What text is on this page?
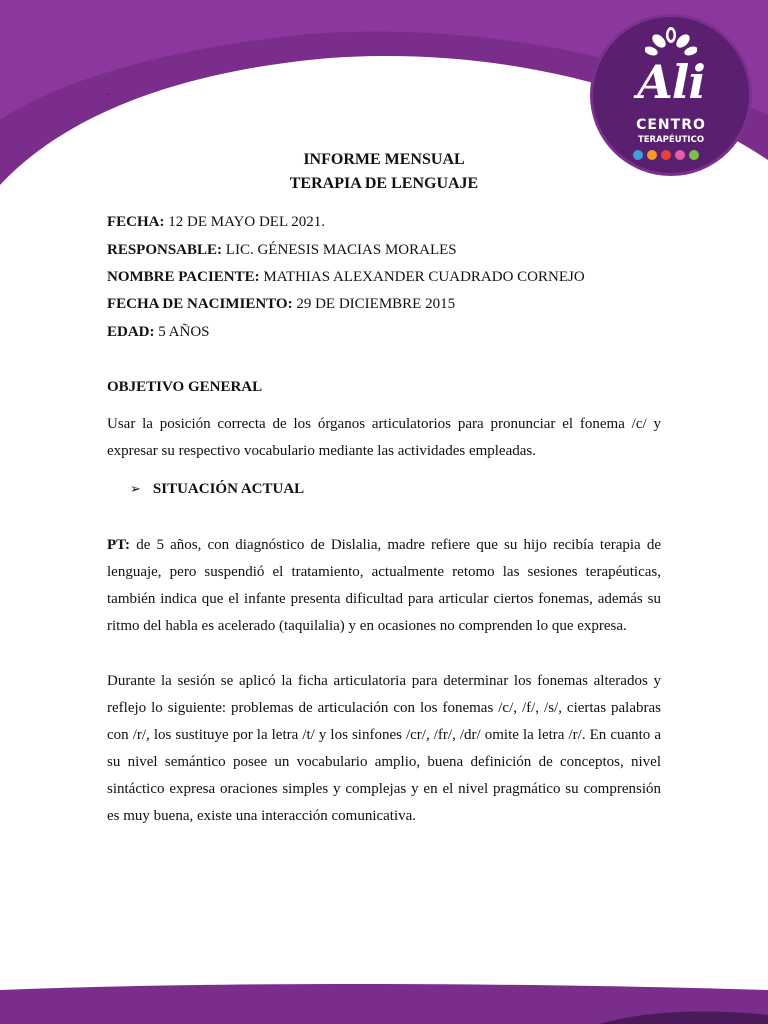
Ali
CENTRO
TERAPÉUTICO
.
INFORME MENSUAL
TERAPIA DE LENGUAJE
FECHA: 12 DE MAYO DEL 2021.
RESPONSABLE: LIC. GÉNESIS MACIAS MORALES
NOMBRE PACIENTE: MATHIAS ALEXANDER CUADRADO CORNEJO
FECHA DE NACIMIENTO: 29 DE DICIEMBRE 2015
EDAD: 5 AÑOS
OBJETIVO GENERAL

Usar la posición correcta de los órganos articulatorios para pronunciar el fonema /c/ y expresar su respectivo vocabulario mediante las actividades empleadas.

➢ SITUACIÓN ACTUAL

PT: de 5 años, con diagnóstico de Dislalia, madre refiere que su hijo recibía terapia de lenguaje, pero suspendió el tratamiento, actualmente retomo las sesiones terapéuticas, también indica que el infante presenta dificultad para articular ciertos fonemas, además su ritmo del habla es acelerado (taquilalia) y en ocasiones no comprenden lo que expresa.

Durante la sesión se aplicó la ficha articulatoria para determinar los fonemas alterados y reflejo lo siguiente: problemas de articulación con los fonemas /c/, /f/, /s/, ciertas palabras con /r/, los sustituye por la letra /t/ y los sinfones /cr/, /fr/, /dr/ omite la letra /r/. En cuanto a su nivel semántico posee un vocabulario amplio, buena definición de conceptos, nivel sintáctico expresa oraciones simples y complejas y en el nivel pragmático su comprensión es muy buena, existe una interacción comunicativa.
